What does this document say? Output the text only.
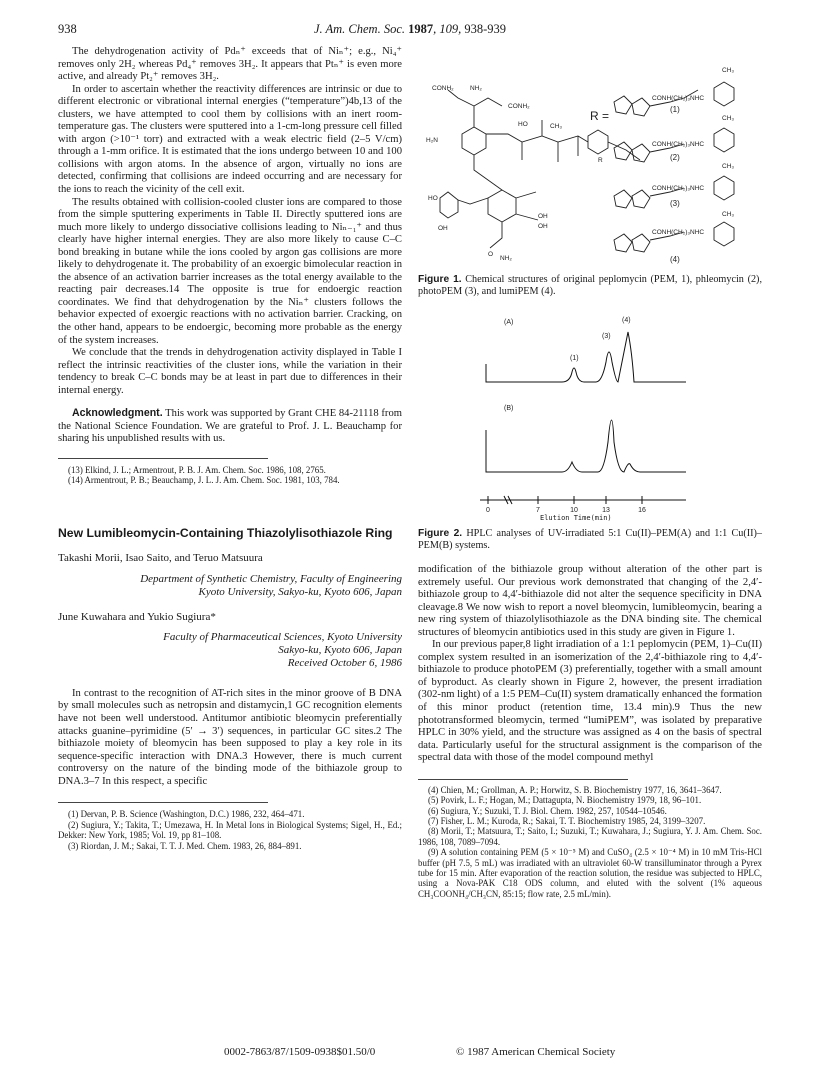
938	J. Am. Chem. Soc. 1987, 109, 938-939

The dehydrogenation activity of Pdₙ⁺ exceeds that of Niₙ⁺; e.g., Ni₄⁺ removes only 2H₂ whereas Pd₄⁺ removes 3H₂. It appears that Ptₙ⁺ is even more active, and already Pt₂⁺ removes 3H₂.

In order to ascertain whether the reactivity differences are intrinsic or due to different electronic or vibrational internal energies (“temperature”)4b,13 of the clusters, we have attempted to cool them by collisions with an inert room-temperature gas. The clusters were sputtered into a 1-cm-long pressure cell filled with argon (>10⁻¹ torr) and extracted with a weak electric field (2–5 V/cm) through a 1-mm orifice. It is estimated that the ions undergo between 10 and 100 collisions with argon atoms. In the absence of argon, virtually no ions are detected, confirming that collisions are indeed occurring and are necessary for the ions to reach the vicinity of the cell exit.

The results obtained with collision-cooled cluster ions are compared to those from the simple sputtering experiments in Table II. Directly sputtered ions are much more likely to undergo dissociative collisions leading to Niₙ₋₁⁺ and thus clearly have higher internal energies. They are also more likely to cause C–C bond breaking in butane while the ions cooled by argon gas collisions are more likely to dehydrogenate it. The probability of an exoergic bimolecular reaction in the absence of an activation barrier increases as the total energy available to the reacting pair decreases.14 The opposite is true for endoergic reaction coordinates. We find that dehydrogenation by the Niₙ⁺ clusters follows the behavior expected of exoergic reactions with no activation barrier. Cracking, on the other hand, appears to be endoergic, becoming more probable as the energy of the system increases.

We conclude that the trends in dehydrogenation activity displayed in Table I reflect the intrinsic reactivities of the cluster ions, while the variation in their tendency to break C–C bonds may be at least in part due to differences in their internal energy.

Acknowledgment. This work was supported by Grant CHE 84-21118 from the National Science Foundation. We are grateful to Prof. J. L. Beauchamp for sharing his unpublished results with us.

(13) Elkind, J. L.; Armentrout, P. B. J. Am. Chem. Soc. 1986, 108, 2765.

(14) Armentrout, P. B.; Beauchamp, J. L. J. Am. Chem. Soc. 1981, 103, 784.

New Lumibleomycin-Containing Thiazolylisothiazole Ring
Takashi Morii, Isao Saito, and Teruo Matsuura
Department of Synthetic Chemistry, Faculty of Engineering
Kyoto University, Sakyo-ku, Kyoto 606, Japan
June Kuwahara and Yukio Sugiura*
Faculty of Pharmaceutical Sciences, Kyoto University
Sakyo-ku, Kyoto 606, Japan
Received October 6, 1986

In contrast to the recognition of AT-rich sites in the minor groove of B DNA by small molecules such as netropsin and distamycin,1 GC recognition elements have not been well understood. Antitumor antibiotic bleomycin preferentially attacks guanine–pyrimidine (5′ → 3′) sequences, in particular GC sites.2 The bithiazole moiety of bleomycin has been supposed to play a key role in its sequence-specific interaction with DNA.3 However, there is much current controversy on the nature of the binding mode of the bithiazole group to DNA.3–7 In this respect, a specific

(1) Dervan, P. B. Science (Washington, D.C.) 1986, 232, 464–471.

(2) Sugiura, Y.; Takita, T.; Umezawa, H. In Metal Ions in Biological Systems; Sigel, H., Ed.; Dekker: New York, 1985; Vol. 19, pp 81–108.

(3) Riordan, J. M.; Sakai, T. T. J. Med. Chem. 1983, 26, 884–891.

CONH₂	NH₂
CONH₂
H₂N
HO	CH₃
R
HO
OH
OH
OH
O
NH₂
CONH(CH₂)₃NHC
CONH(CH₂)₃NHC
CONH(CH₂)₃NHC
CONH(CH₂)₃NHC
CH₃
CH₃
CH₃
CH₃
R =	(1)
(2)
(3)
(4)
Figure 1. Chemical structures of original peplomycin (PEM, 1), phleomycin (2), photoPEM (3), and lumiPEM (4).
(A)
(B)
(1)
(3)
(4)
0	7	10	13	16
Elution Time(min)
Figure 2. HPLC analyses of UV-irradiated 5:1 Cu(II)–PEM(A) and 1:1 Cu(II)–PEM(B) systems.

modification of the bithiazole group without alteration of the other part is extremely useful. Our previous work demonstrated that changing of the 2,4′-bithiazole group to 4,4′-bithiazole did not alter the sequence specificity in DNA cleavage.8 We now wish to report a novel bleomycin, lumibleomycin, bearing a new ring system of thiazolylisothiazole as the DNA binding site. The chemical structures of bleomycin antibiotics used in this study are given in Figure 1.

In our previous paper,8 light irradiation of a 1:1 peplomycin (PEM, 1)–Cu(II) complex system resulted in an isomerization of the 2,4′-bithiazole ring to 4,4′-bithiazole to produce photoPEM (3) preferentially, together with a small amount of byproduct. As clearly shown in Figure 2, however, the present irradiation (302-nm light) of a 1:5 PEM–Cu(II) system dramatically enhanced the formation of this minor product (retention time, 13.4 min).9 Thus the new phototransformed bleomycin, termed “lumiPEM”, was isolated by preparative HPLC in 30% yield, and the structure was assigned as 4 on the basis of spectral data. Particularly useful for the structural assignment is the comparison of the spectral data with those of the model compound methyl

(4) Chien, M.; Grollman, A. P.; Horwitz, S. B. Biochemistry 1977, 16, 3641–3647.

(5) Povirk, L. F.; Hogan, M.; Dattagupta, N. Biochemistry 1979, 18, 96–101.

(6) Sugiura, Y.; Suzuki, T. J. Biol. Chem. 1982, 257, 10544–10546.

(7) Fisher, L. M.; Kuroda, R.; Sakai, T. T. Biochemistry 1985, 24, 3199–3207.

(8) Morii, T.; Matsuura, T.; Saito, I.; Suzuki, T.; Kuwahara, J.; Sugiura, Y. J. Am. Chem. Soc. 1986, 108, 7089–7094.

(9) A solution containing PEM (5 × 10⁻⁵ M) and CuSO₄ (2.5 × 10⁻⁴ M) in 10 mM Tris-HCl buffer (pH 7.5, 5 mL) was irradiated with an ultraviolet 60-W transilluminator through a Pyrex tube for 15 min. After evaporation of the reaction solution, the residue was subjected to HPLC, using a Nova-PAK C18 ODS column, and eluted with the solvent (1% aqueous CH₃COONH₄/CH₃CN, 85:15; flow rate, 2.5 mL/min).

0002-7863/87/1509-0938$01.50/0	© 1987 American Chemical Society
